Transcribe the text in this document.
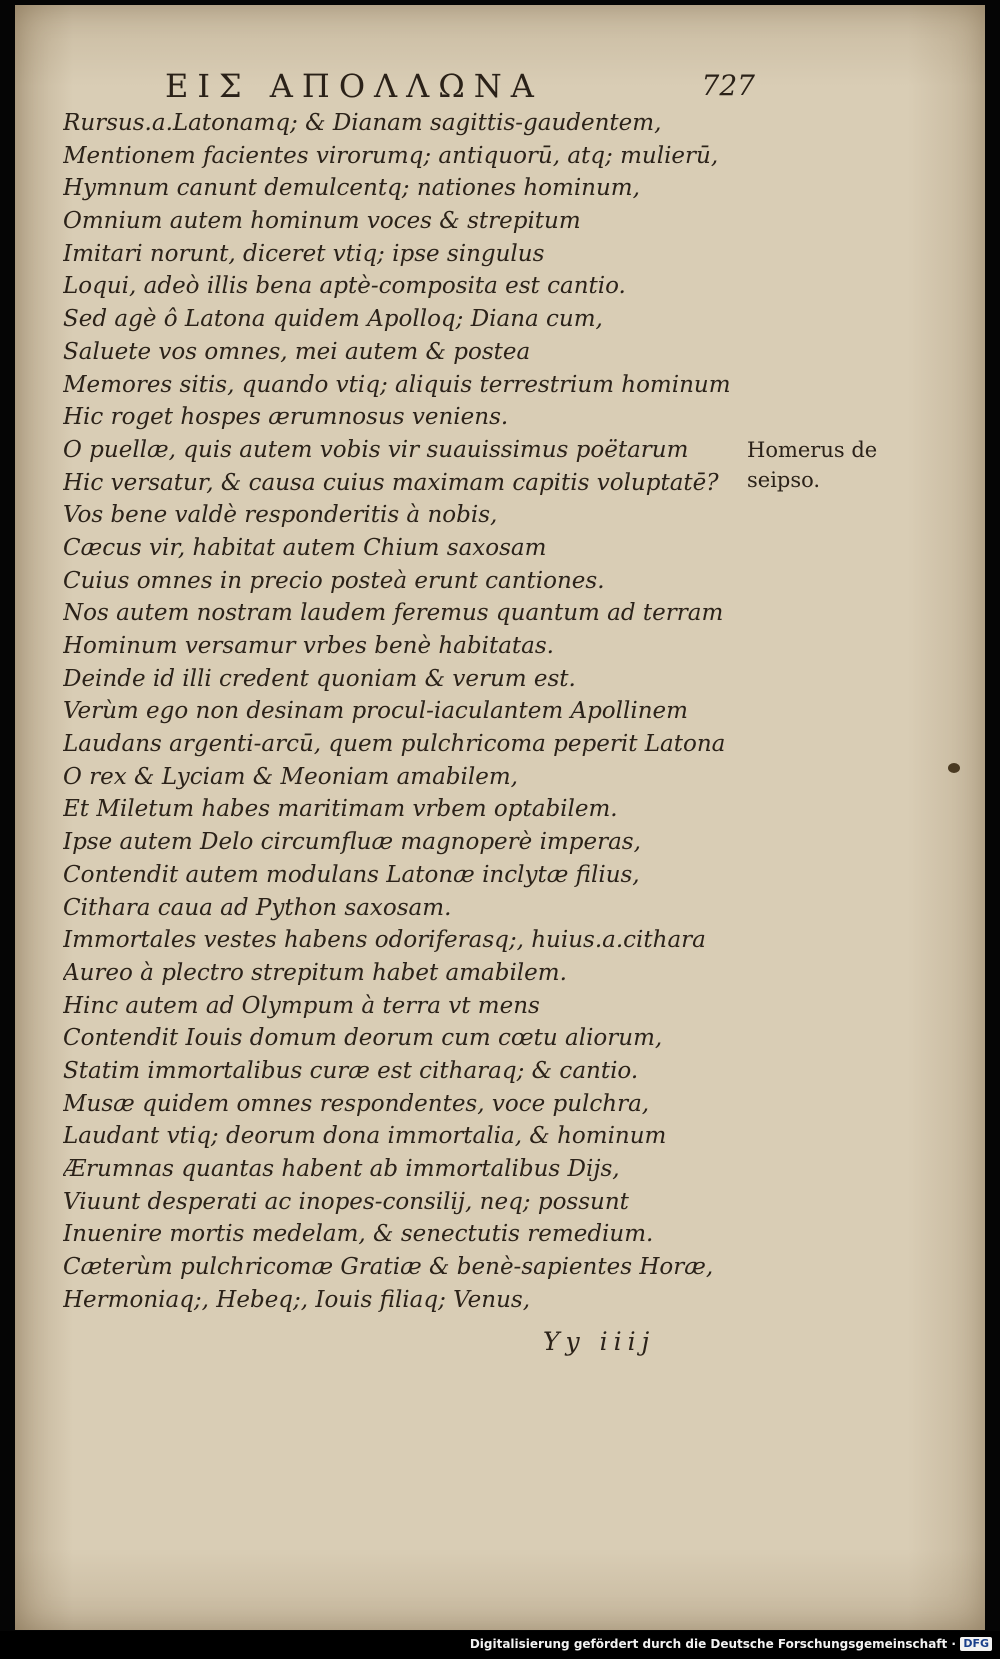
ΕΙΣ ΑΠΟΛΛΩΝΑ	727
Rursus.a.Latonamq; & Dianam sagittis-gaudentem,
Mentionem facientes virorumq; antiquorū, atq; mulierū,
Hymnum canunt demulcentq; nationes hominum,
Omnium autem hominum voces & strepitum
Imitari norunt, diceret vtiq; ipse singulus
Loqui, adeò illis bena aptè-composita est cantio.
Sed agè ô Latona quidem Apolloq; Diana cum,
Saluete vos omnes, mei autem & postea
Memores sitis, quando vtiq; aliquis terrestrium hominum
Hic roget hospes ærumnosus veniens.
O puellæ, quis autem vobis vir suauissimus poëtarum
Hic versatur, & causa cuius maximam capitis voluptatē?
Vos bene valdè responderitis à nobis,
Cæcus vir, habitat autem Chium saxosam
Cuius omnes in precio posteà erunt cantiones.
Nos autem nostram laudem feremus quantum ad terram
Hominum versamur vrbes benè habitatas.
Deinde id illi credent quoniam & verum est.
Verùm ego non desinam procul-iaculantem Apollinem
Laudans argenti-arcū, quem pulchricoma peperit Latona
O rex & Lyciam & Meoniam amabilem,
Et Miletum habes maritimam vrbem optabilem.
Ipse autem Delo circumfluæ magnoperè imperas,
Contendit autem modulans Latonæ inclytæ filius,
Cithara caua ad Python saxosam.
Immortales vestes habens odoriferasq;, huius.a.cithara
Aureo à plectro strepitum habet amabilem.
Hinc autem ad Olympum à terra vt mens
Contendit Iouis domum deorum cum cœtu aliorum,
Statim immortalibus curæ est citharaq; & cantio.
Musæ quidem omnes respondentes, voce pulchra,
Laudant vtiq; deorum dona immortalia, & hominum
Ærumnas quantas habent ab immortalibus Dijs,
Viuunt desperati ac inopes-consilij, neq; possunt
Inuenire mortis medelam, & senectutis remedium.
Cæterùm pulchricomæ Gratiæ & benè-sapientes Horæ,
Hermoniaq;, Hebeq;, Iouis filiaq; Venus,
Homerus de
seipso.
Yy iiij
Digitalisierung gefördert durch die Deutsche Forschungsgemeinschaft · DFG
